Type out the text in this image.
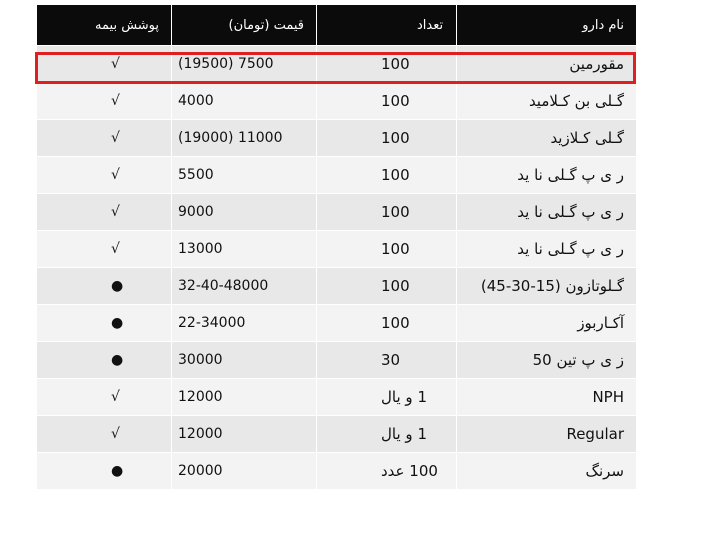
نام دارو	تعداد	قیمت (تومان)	پوشش بیمه
مقورمین	100	7500 (19500)	√
گـلی بن کـلامید	100	4000	√
گـلی کـلازید	100	11000 (19000)	√
ر ی پ گـلی نا ید	100	5500	√
ر ی پ گـلی نا ید	100	9000	√
ر ی پ گـلی نا ید	100	13000	√
گـلوتازون (15-30-45)	100	32-40-48000	●
آکـاربوز	100	22-34000	●
ز ی پ تین 50	30	30000	●
NPH	1 و یال	12000	√
Regular	1 و یال	12000	√
سرنگ	100 عدد	20000	●
